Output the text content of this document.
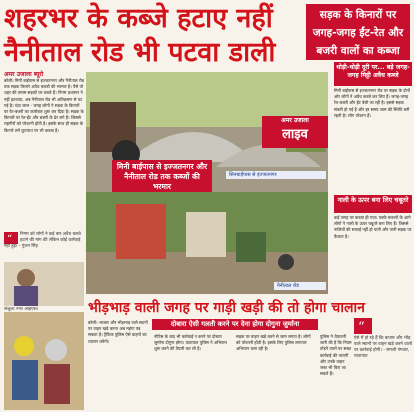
शहरभर के कब्जे हटाए नहीं
नैनीताल रोड भी पटवा डाली
सड़क के किनारों पर जगह-जगह ईंट-रेत और बजरी वालों का कब्जा
अमर उजाला ब्यूरो
बरेली। मिनी बाईपास से इज्जतनगर और नैनीताल रोड तक सड़क किनारे अवैध कब्जों की भरमार है। पैसे तो शहर की तमाम सड़कों पर कब्जे हैं। निगम प्रशासन ने नहीं हटवाया, अब नैनीताल रोड भी अतिक्रमण से पट गई है। चंदा जाल - जगह लोगों ने सड़क के किनारों पर रेत-बजरी का कारोबार शुरू कर दिया है। सड़क के किनारों पर रेत-ईंट और बजरी के ढेर लगे हैं। जिससे राहगीरों को परेशानी होती है। इसके साथ ही सड़क के किनारे लगे फुटपाथ पर भी कब्जा है।
“ निगम को लोगों ने कई बार अवैध कब्जे हटाने की मांग की लेकिन कोई कार्रवाई नहीं हुई। - गुंजन सिंह
संजुला नगर आइएस।
अमर उजाला
लाइव
मिनी बाईपास से इज्जतनगर और नैनीताल रोड तक कब्जों की भरमार
सिनबाईपास से इज्जतनगर
नैनीताल रोड
थोड़ी-थोड़ी दूरी पर... बड़े जगह-जगह मिट्टी अवैध कब्जे
मिनी बाईपास से इज्जतनगर रोड पर सड़क के दोनों ओर लोगों ने अवैध कब्जे कर लिए हैं। जगह-जगह रेत-बजरी और ईंट बेची जा रही है। इससे सड़क संकरी हो गई है और हर समय जाम की स्थिति बनी रहती है। लोग परेशान हैं।
नाली के ऊपर बना लिए चबूतरे
कई जगह पर कब्जा ही गया। पक्के मकानों के आगे लोगों ने नाली के ऊपर चबूतरे बना लिए हैं। जिससे नालियों की सफाई नहीं हो पाती और पानी सड़क पर फैलता है।
भीड़भाड़ वाली जगह पर गाड़ी खड़ी की तो होगा चालान
बरेली। भाजार और भीड़भाड़ वाले स्थानों पर वाहन खड़े करना अब महंगा पड़ सकता है। ट्रैफिक पुलिस ऐसे वाहनों का चालान करेगी।
दोबारा ऐसी गलती करने पर देना होगा दोगुना जुर्माना
नोटिस के बाद भी कार्रवाई न करने पर दोबारा जुर्माना दोगुना होगा। यातायात पुलिस ने अभियान शुरू करने की तैयारी कर ली है।
सड़क पर वाहन खड़े करने से जाम लगता है। लोगों को परेशानी होती है। इसके लिए पुलिस लगातार अभियान चला रही है।
पुलिस ने चेतावनी जारी की है कि नियम तोड़ने वालों पर सख्त कार्रवाई की जाएगी और उनके वाहन जब्त भी किए जा सकते हैं।
“
ऐसे में हो रहे हैं कि बाजार और भीड़ वाले स्थानों पर वाहन खड़े करने वालों पर कार्रवाई होगी। - रामजी गंगवार, यातायात
